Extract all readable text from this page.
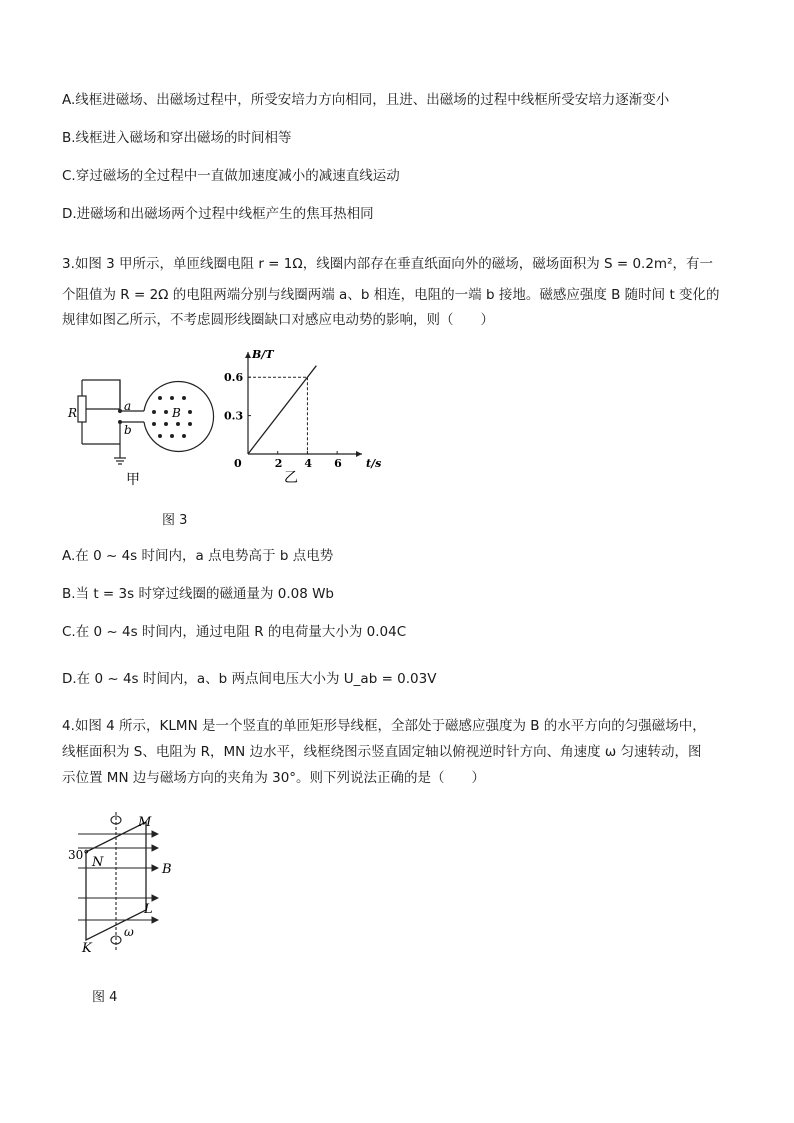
A.线框进磁场、出磁场过程中，所受安培力方向相同，且进、出磁场的过程中线框所受安培力逐渐变小
B.线框进入磁场和穿出磁场的时间相等
C.穿过磁场的全过程中一直做加速度减小的减速直线运动
D.进磁场和出磁场两个过程中线框产生的焦耳热相同
3.如图 3 甲所示，单匝线圈电阻 r = 1Ω，线圈内部存在垂直纸面向外的磁场，磁场面积为 S = 0.2m²，有一
个阻值为 R = 2Ω 的电阻两端分别与线圈两端 a、b 相连，电阻的一端 b 接地。磁感应强度 B 随时间 t 变化的
规律如图乙所示，不考虑圆形线圈缺口对感应电动势的影响，则（　　）
R	a
b
B
甲
0	2 4 6
0.3
0.6
t/s
B/T
乙
图 3
A.在 0 ~ 4s 时间内，a 点电势高于 b 点电势
B.当 t = 3s 时穿过线圈的磁通量为 0.08 Wb
C.在 0 ~ 4s 时间内，通过电阻 R 的电荷量大小为 0.04C
D.在 0 ~ 4s 时间内，a、b 两点间电压大小为 U_ab = 0.03V
4.如图 4 所示，KLMN 是一个竖直的单匝矩形导线框，全部处于磁感应强度为 B 的水平方向的匀强磁场中，
线框面积为 S、电阻为 R，MN 边水平，线框绕图示竖直固定轴以俯视逆时针方向、角速度 ω 匀速转动，图
示位置 MN 边与磁场方向的夹角为 30°。则下列说法正确的是（　　）
M
N	B
L
K
ω
30°
图 4
